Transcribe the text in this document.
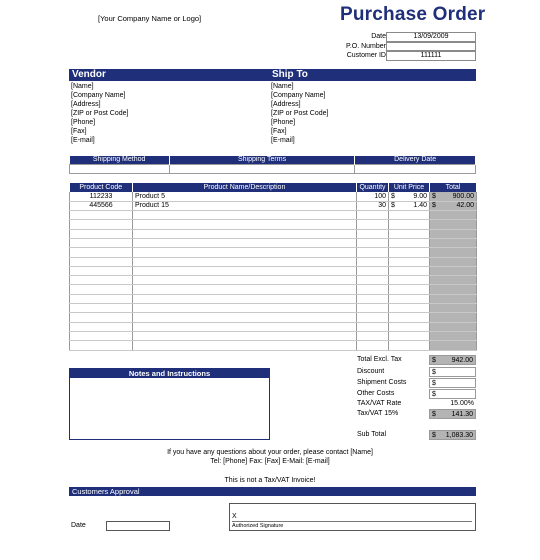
[Your Company Name or Logo]	Purchase Order
Date	13/09/2009
P.O. Number
Customer ID	111111
Vendor
[Name]
[Company Name]
[Address]
[ZIP or Post Code]
[Phone]
[Fax]
[E-mail]
Ship To
[Name]
[Company Name]
[Address]
[ZIP or Post Code]
[Phone]
[Fax]
[E-mail]
Shipping Method	Shipping Terms	Delivery Date

Product Code	Product Name/Description	Quantity	Unit Price	Total
112233	Product 5	100	$ 9.00	$ 900.00

445566	Product 15	30	$ 1.40	$ 42.00

Total Excl. Tax	$ 942.00
Discount	$
Shipment Costs	$
Other Costs	$
TAX/VAT Rate	15.00%
Tax/VAT 15%	$ 141.30
Sub Total	$ 1,083.30
Notes and Instructions
If you have any questions about your order, please contact [Name]
Tel: [Phone] Fax: [Fax] E-Mail: [E-mail]
This is not a Tax/VAT Invoice!
Customers Approval
Date
X
Authorized Signature
